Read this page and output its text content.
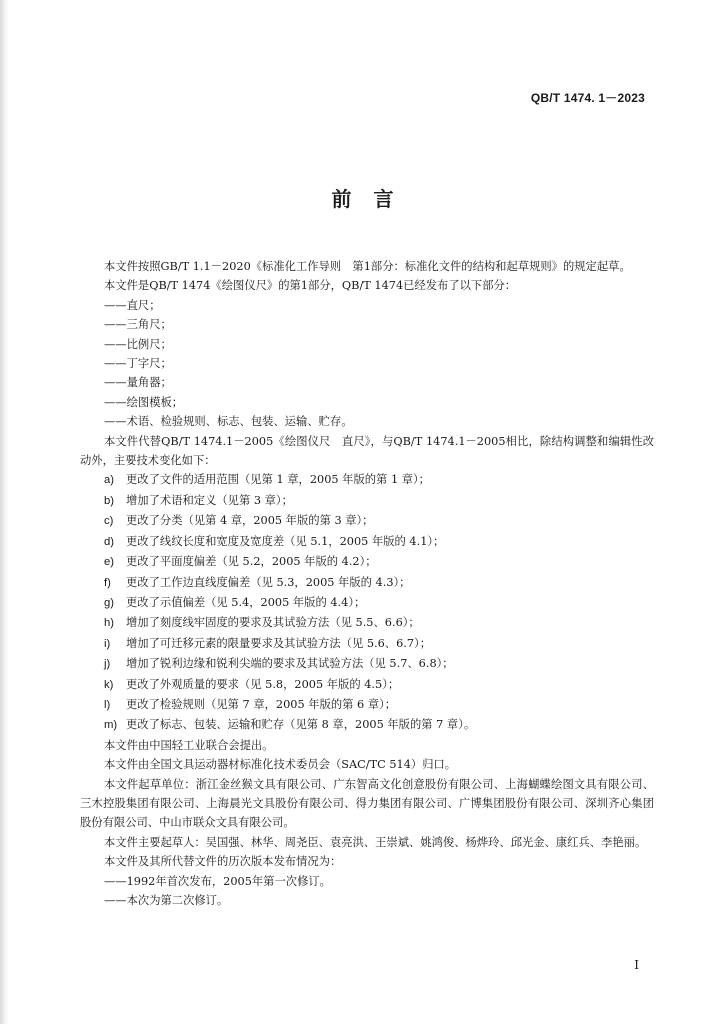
QB/T 1474. 1－2023
前言
本文件按照GB/T 1.1－2020《标准化工作导则　第1部分：标准化文件的结构和起草规则》的规定起草。
本文件是QB/T 1474《绘图仪尺》的第1部分，QB/T 1474已经发布了以下部分：
——直尺；
——三角尺；
——比例尺；
——丁字尺；
——量角器；
——绘图模板；
——术语、检验规则、标志、包装、运输、贮存。
本文件代替QB/T 1474.1－2005《绘图仪尺　直尺》，与QB/T 1474.1－2005相比，除结构调整和编辑性改动外，主要技术变化如下：
a) 更改了文件的适用范围（见第 1 章，2005 年版的第 1 章）；
b) 增加了术语和定义（见第 3 章）；
c) 更改了分类（见第 4 章，2005 年版的第 3 章）；
d) 更改了线纹长度和宽度及宽度差（见 5.1，2005 年版的 4.1）；
e) 更改了平面度偏差（见 5.2，2005 年版的 4.2）；
f) 更改了工作边直线度偏差（见 5.3，2005 年版的 4.3）；
g) 更改了示值偏差（见 5.4，2005 年版的 4.4）；
h) 增加了刻度线牢固度的要求及其试验方法（见 5.5、6.6）；
i) 增加了可迁移元素的限量要求及其试验方法（见 5.6、6.7）；
j) 增加了锐利边缘和锐利尖端的要求及其试验方法（见 5.7、6.8）；
k) 更改了外观质量的要求（见 5.8，2005 年版的 4.5）；
l) 更改了检验规则（见第 7 章，2005 年版的第 6 章）；
m) 更改了标志、包装、运输和贮存（见第 8 章，2005 年版的第 7 章）。
本文件由中国轻工业联合会提出。
本文件由全国文具运动器材标准化技术委员会（SAC/TC 514）归口。
本文件起草单位：浙江金丝猴文具有限公司、广东智高文化创意股份有限公司、上海蝴蝶绘图文具有限公司、三木控股集团有限公司、上海晨光文具股份有限公司、得力集团有限公司、广博集团股份有限公司、深圳齐心集团股份有限公司、中山市联众文具有限公司。
本文件主要起草人：吴国强、林华、周尧臣、袁亮洪、王崇斌、姚鸿俊、杨烨玲、邱光金、康红兵、李艳丽。
本文件及其所代替文件的历次版本发布情况为：
——1992年首次发布，2005年第一次修订。
——本次为第二次修订。
I
